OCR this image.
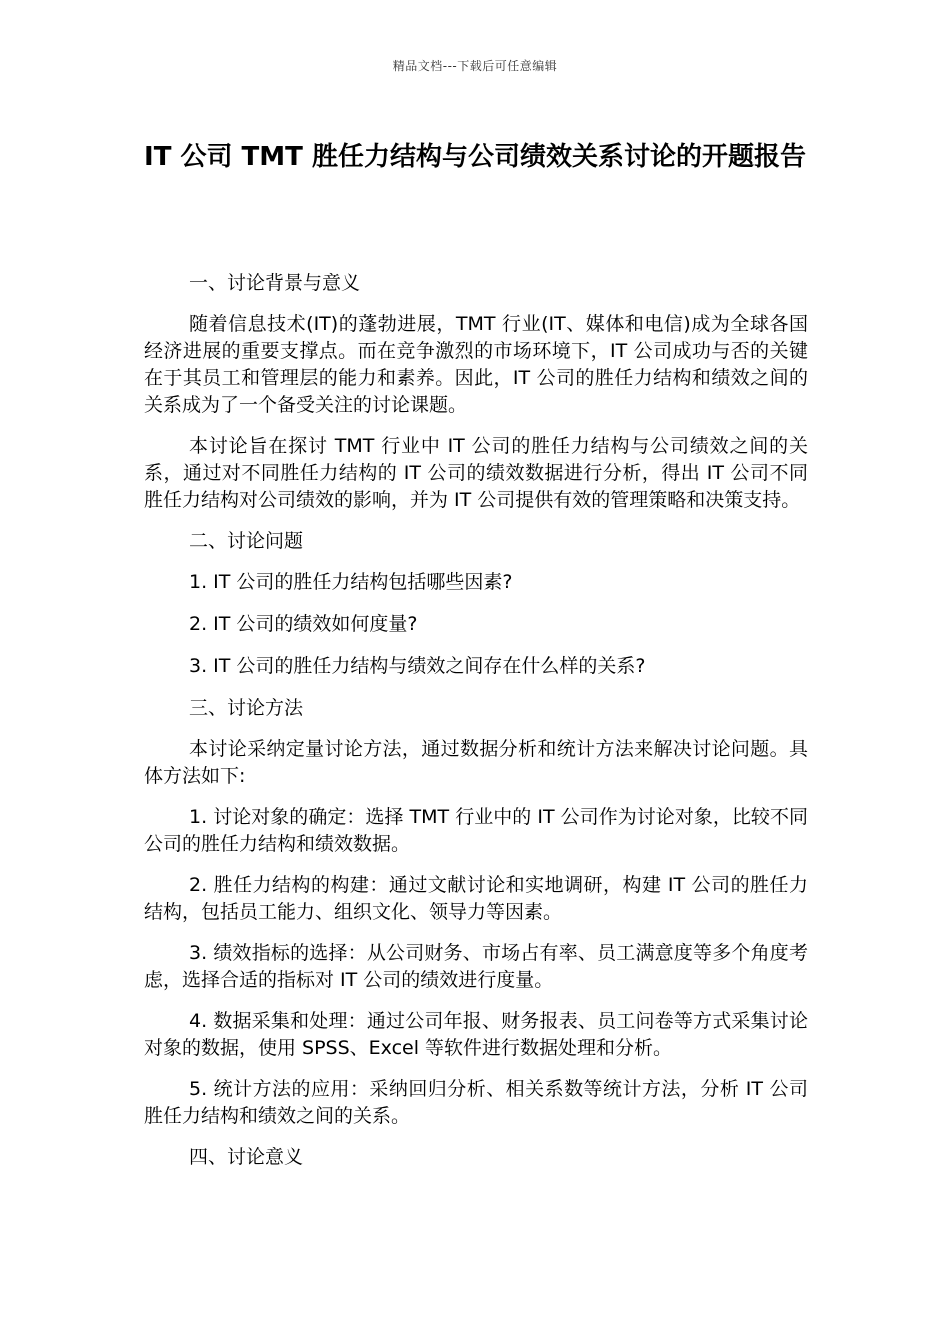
精品文档---下载后可任意编辑
IT 公司 TMT 胜任力结构与公司绩效关系讨论的开题报告

一、讨论背景与意义

随着信息技术(IT)的蓬勃进展，TMT 行业(IT、媒体和电信)成为全球各国经济进展的重要支撑点。而在竞争激烈的市场环境下，IT 公司成功与否的关键在于其员工和管理层的能力和素养。因此，IT 公司的胜任力结构和绩效之间的关系成为了一个备受关注的讨论课题。

本讨论旨在探讨 TMT 行业中 IT 公司的胜任力结构与公司绩效之间的关系，通过对不同胜任力结构的 IT 公司的绩效数据进行分析，得出 IT 公司不同胜任力结构对公司绩效的影响，并为 IT 公司提供有效的管理策略和决策支持。

二、讨论问题

1. IT 公司的胜任力结构包括哪些因素?

2. IT 公司的绩效如何度量?

3. IT 公司的胜任力结构与绩效之间存在什么样的关系?

三、讨论方法

本讨论采纳定量讨论方法，通过数据分析和统计方法来解决讨论问题。具体方法如下:

1. 讨论对象的确定：选择 TMT 行业中的 IT 公司作为讨论对象，比较不同公司的胜任力结构和绩效数据。

2. 胜任力结构的构建：通过文献讨论和实地调研，构建 IT 公司的胜任力结构，包括员工能力、组织文化、领导力等因素。

3. 绩效指标的选择：从公司财务、市场占有率、员工满意度等多个角度考虑，选择合适的指标对 IT 公司的绩效进行度量。

4. 数据采集和处理：通过公司年报、财务报表、员工问卷等方式采集讨论对象的数据，使用 SPSS、Excel 等软件进行数据处理和分析。

5. 统计方法的应用：采纳回归分析、相关系数等统计方法，分析 IT 公司胜任力结构和绩效之间的关系。

四、讨论意义
